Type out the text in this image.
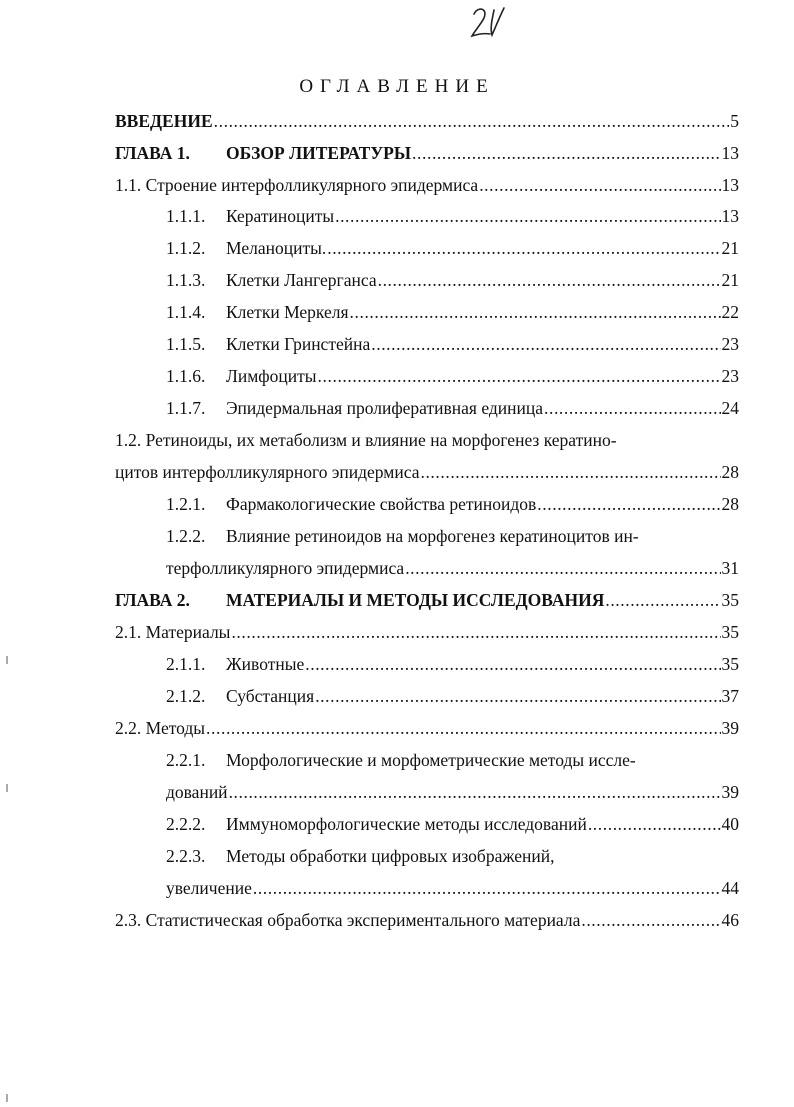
ОГЛАВЛЕНИЕ
ВВЕДЕНИЕ .....	5
ГЛАВА 1.	ОБЗОР ЛИТЕРАТУРЫ .....	13
1.1. Строение интерфолликулярного эпидермиса .....	13
1.1.1.	Кератиноциты .....	13
1.1.2.	Меланоциты. .....	21
1.1.3.	Клетки Лангерганса .....	21
1.1.4.	Клетки Меркеля .....	22
1.1.5.	Клетки Гринстейна .....	23
1.1.6.	Лимфоциты .....	23
1.1.7.	Эпидермальная пролиферативная единица .....	24
1.2. Ретиноиды, их метаболизм и влияние на морфогенез кератино-
цитов интерфолликулярного эпидермиса .....	28
1.2.1.	Фармакологические свойства ретиноидов .....	28
1.2.2.	Влияние ретиноидов на морфогенез кератиноцитов ин-
терфолликулярного эпидермиса .....	31
ГЛАВА 2.	МАТЕРИАЛЫ И МЕТОДЫ ИССЛЕДОВАНИЯ .....	35
2.1. Материалы .....	35
2.1.1.	Животные .....	35
2.1.2.	Субстанция .....	37
2.2. Методы .....	39
2.2.1.	Морфологические и морфометрические методы иссле-
дований .....	39
2.2.2.	Иммуноморфологические методы исследований .....	40
2.2.3.	Методы обработки цифровых изображений,
увеличение .....	44
2.3. Статистическая обработка экспериментального материала .....	46
